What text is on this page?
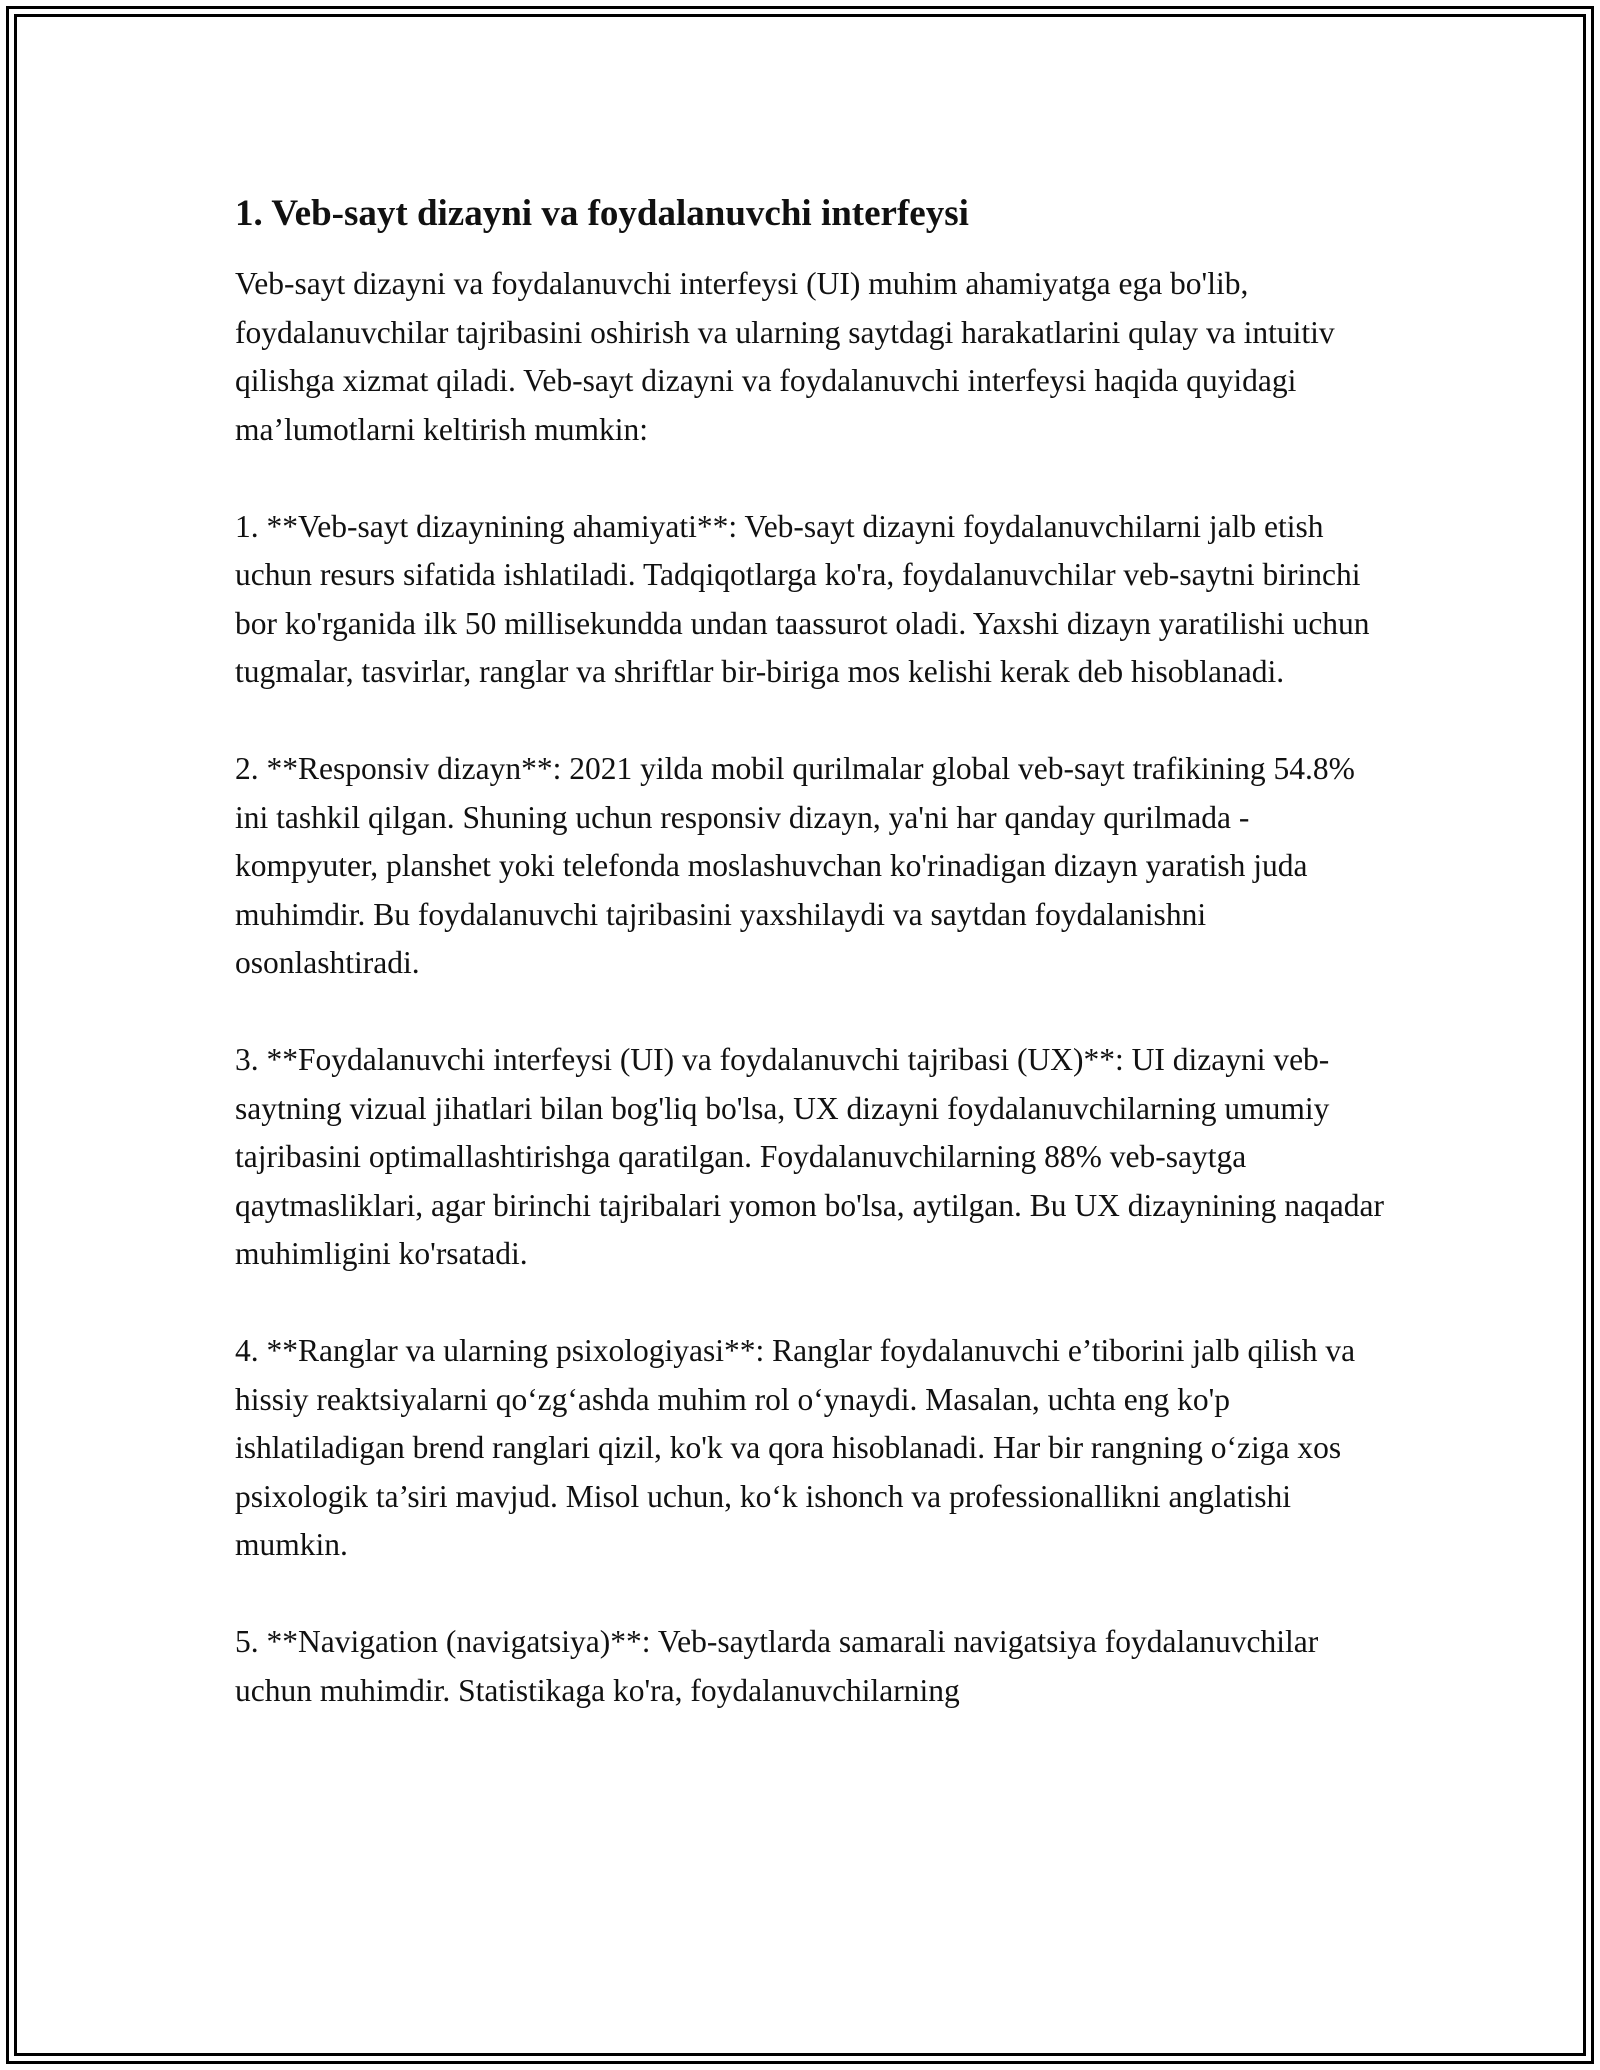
1. Veb-sayt dizayni va foydalanuvchi interfeysi

Veb-sayt dizayni va foydalanuvchi interfeysi (UI) muhim ahamiyatga ega bo'lib, foydalanuvchilar tajribasini oshirish va ularning saytdagi harakatlarini qulay va intuitiv qilishga xizmat qiladi. Veb-sayt dizayni va foydalanuvchi interfeysi haqida quyidagi ma’lumotlarni keltirish mumkin:

1. **Veb-sayt dizaynining ahamiyati**: Veb-sayt dizayni foydalanuvchilarni jalb etish uchun resurs sifatida ishlatiladi. Tadqiqotlarga ko'ra, foydalanuvchilar veb-saytni birinchi bor ko'rganida ilk 50 millisekundda undan taassurot oladi. Yaxshi dizayn yaratilishi uchun tugmalar, tasvirlar, ranglar va shriftlar bir-biriga mos kelishi kerak deb hisoblanadi.

2. **Responsiv dizayn**: 2021 yilda mobil qurilmalar global veb-sayt trafikining 54.8% ini tashkil qilgan. Shuning uchun responsiv dizayn, ya'ni har qanday qurilmada - kompyuter, planshet yoki telefonda moslashuvchan ko'rinadigan dizayn yaratish juda muhimdir. Bu foydalanuvchi tajribasini yaxshilaydi va saytdan foydalanishni osonlashtiradi.

3. **Foydalanuvchi interfeysi (UI) va foydalanuvchi tajribasi (UX)**: UI dizayni veb-saytning vizual jihatlari bilan bog'liq bo'lsa, UX dizayni foydalanuvchilarning umumiy tajribasini optimallashtirishga qaratilgan. Foydalanuvchilarning 88% veb-saytga qaytmasliklari, agar birinchi tajribalari yomon bo'lsa, aytilgan. Bu UX dizaynining naqadar muhimligini ko'rsatadi.

4. **Ranglar va ularning psixologiyasi**: Ranglar foydalanuvchi e’tiborini jalb qilish va hissiy reaktsiyalarni qo‘zg‘ashda muhim rol o‘ynaydi. Masalan, uchta eng ko'p ishlatiladigan brend ranglari qizil, ko'k va qora hisoblanadi. Har bir rangning o‘ziga xos psixologik ta’siri mavjud. Misol uchun, ko‘k ishonch va professionallikni anglatishi mumkin.

5. **Navigation (navigatsiya)**: Veb-saytlarda samarali navigatsiya foydalanuvchilar uchun muhimdir. Statistikaga ko'ra, foydalanuvchilarning
